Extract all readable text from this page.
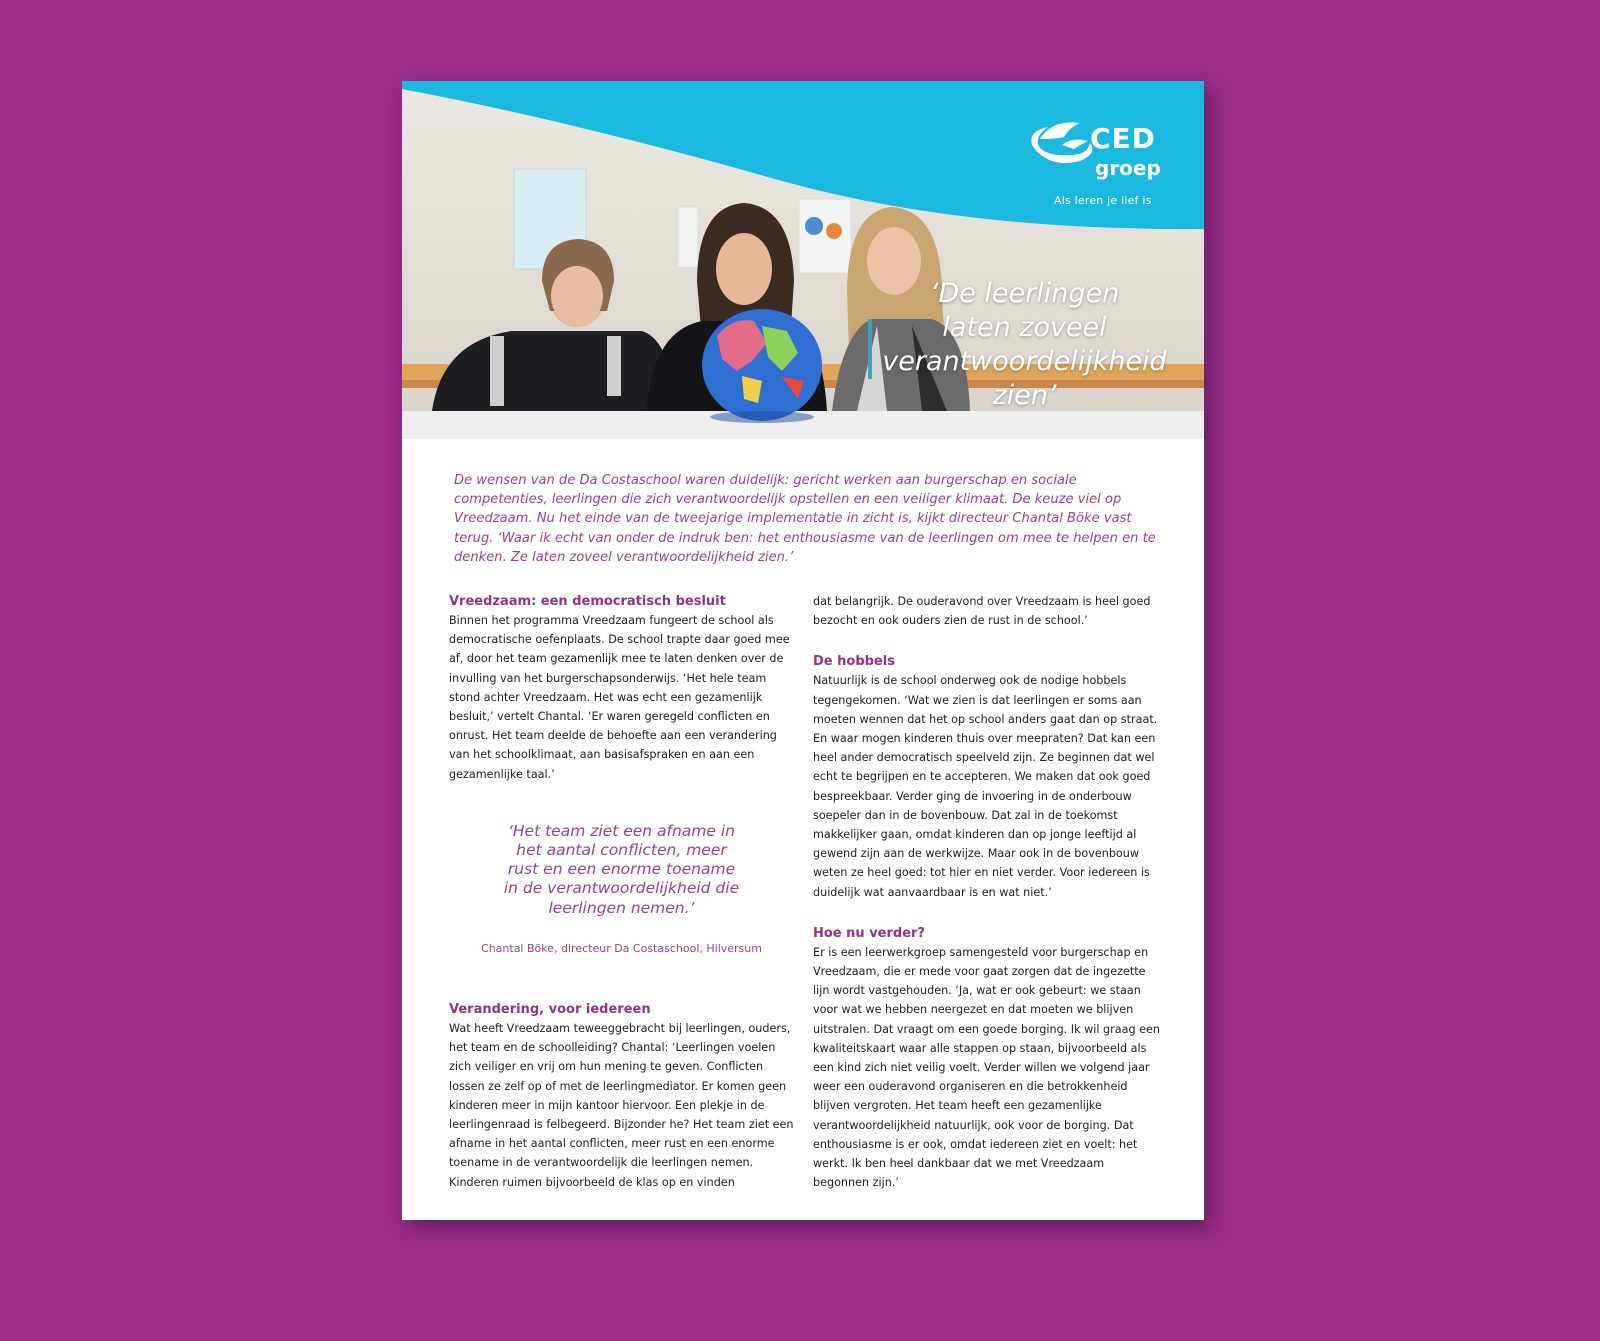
CED
groep
Als leren je lief is
‘De leerlingen
laten zoveel
verantwoordelijkheid
zien’

De wensen van de Da Costaschool waren duidelijk: gericht werken aan burgerschap en sociale competenties, leerlingen die zich verantwoordelijk opstellen en een veiliger klimaat. De keuze viel op Vreedzaam. Nu het einde van de tweejarige implementatie in zicht is, kijkt directeur Chantal Böke vast terug. ‘Waar ik echt van onder de indruk ben: het enthousiasme van de leerlingen om mee te helpen en te denken. Ze laten zoveel verantwoordelijkheid zien.’

Vreedzaam: een democratisch besluit

Binnen het programma Vreedzaam fungeert de school als democratische oefenplaats. De school trapte daar goed mee af, door het team gezamenlijk mee te laten denken over de invulling van het burgerschapsonderwijs. ‘Het hele team stond achter Vreedzaam. Het was echt een gezamenlijk besluit,’ vertelt Chantal. ‘Er waren geregeld conflicten en onrust. Het team deelde de behoefte aan een verandering van het schoolklimaat, aan basisafspraken en aan een gezamenlijke taal.’

‘Het team ziet een afname in
het aantal conflicten, meer
rust en een enorme toename
in de verantwoordelijkheid die
leerlingen nemen.’
Chantal Böke, directeur Da Costaschool, Hilversum
Verandering, voor iedereen

Wat heeft Vreedzaam teweeggebracht bij leerlingen, ouders, het team en de schoolleiding? Chantal: ‘Leerlingen voelen zich veiliger en vrij om hun mening te geven. Conflicten lossen ze zelf op of met de leerlingmediator. Er komen geen kinderen meer in mijn kantoor hiervoor. Een plekje in de leerlingenraad is felbegeerd. Bijzonder he? Het team ziet een afname in het aantal conflicten, meer rust en een enorme toename in de verantwoordelijk die leerlingen nemen. Kinderen ruimen bijvoorbeeld de klas op en vinden

dat belangrijk. De ouderavond over Vreedzaam is heel goed bezocht en ook ouders zien de rust in de school.’

De hobbels

Natuurlijk is de school onderweg ook de nodige hobbels tegengekomen. ‘Wat we zien is dat leerlingen er soms aan moeten wennen dat het op school anders gaat dan op straat. En waar mogen kinderen thuis over meepraten? Dat kan een heel ander democratisch speelveld zijn. Ze beginnen dat wel echt te begrijpen en te accepteren. We maken dat ook goed bespreekbaar. Verder ging de invoering in de onderbouw soepeler dan in de bovenbouw. Dat zal in de toekomst makkelijker gaan, omdat kinderen dan op jonge leeftijd al gewend zijn aan de werkwijze. Maar ook in de bovenbouw weten ze heel goed: tot hier en niet verder. Voor iedereen is duidelijk wat aanvaardbaar is en wat niet.’

Hoe nu verder?

Er is een leerwerkgroep samengesteld voor burgerschap en Vreedzaam, die er mede voor gaat zorgen dat de ingezette lijn wordt vastgehouden. ‘Ja, wat er ook gebeurt: we staan voor wat we hebben neergezet en dat moeten we blijven uitstralen. Dat vraagt om een goede borging. Ik wil graag een kwaliteitskaart waar alle stappen op staan, bijvoorbeeld als een kind zich niet veilig voelt. Verder willen we volgend jaar weer een ouderavond organiseren en die betrokkenheid blijven vergroten. Het team heeft een gezamenlijke verantwoordelijkheid natuurlijk, ook voor de borging. Dat enthousiasme is er ook, omdat iedereen ziet en voelt: het werkt. Ik ben heel dankbaar dat we met Vreedzaam begonnen zijn.’
